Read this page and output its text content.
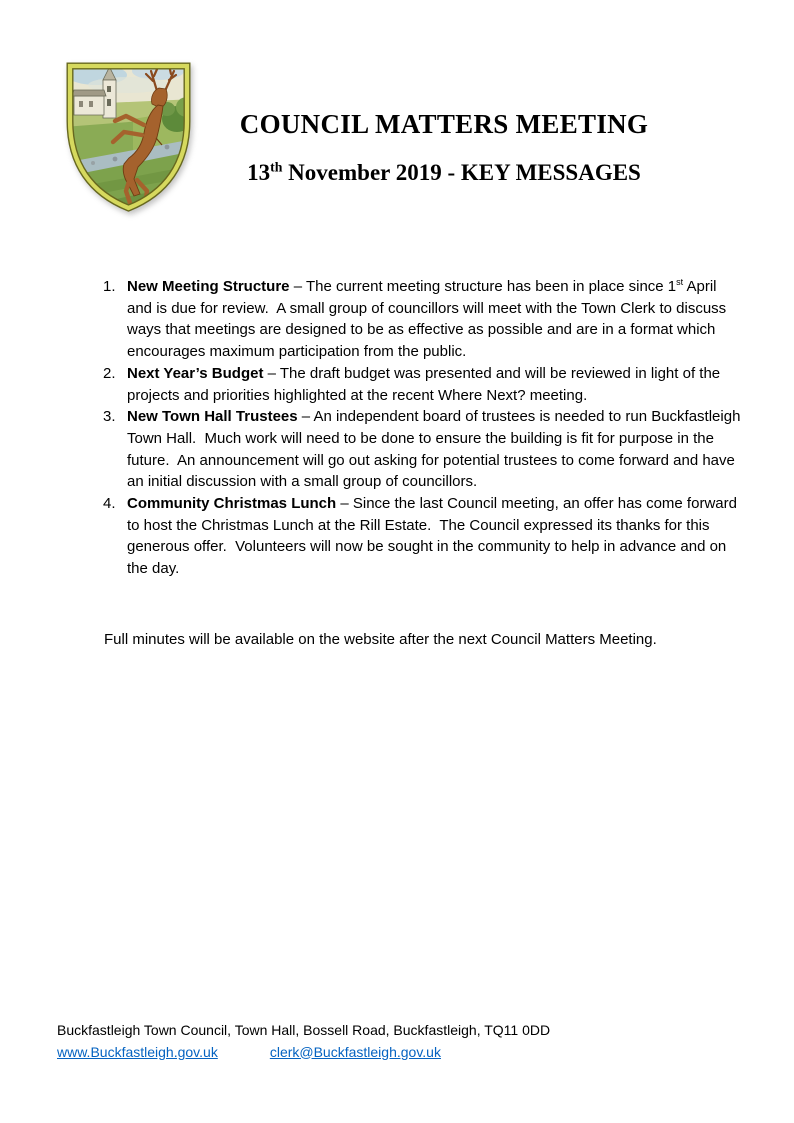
COUNCIL MATTERS MEETING
13th November 2019 - KEY MESSAGES
1. New Meeting Structure – The current meeting structure has been in place since 1st April and is due for review.  A small group of councillors will meet with the Town Clerk to discuss ways that meetings are designed to be as effective as possible and are in a format which encourages maximum participation from the public.
2. Next Year’s Budget – The draft budget was presented and will be reviewed in light of the projects and priorities highlighted at the recent Where Next? meeting.
3. New Town Hall Trustees – An independent board of trustees is needed to run Buckfastleigh Town Hall.  Much work will need to be done to ensure the building is fit for purpose in the future.  An announcement will go out asking for potential trustees to come forward and have an initial discussion with a small group of councillors.
4. Community Christmas Lunch – Since the last Council meeting, an offer has come forward to host the Christmas Lunch at the Rill Estate.  The Council expressed its thanks for this generous offer.  Volunteers will now be sought in the community to help in advance and on the day.

Full minutes will be available on the website after the next Council Matters Meeting.

Buckfastleigh Town Council, Town Hall, Bossell Road, Buckfastleigh, TQ11 0DD

www.Buckfastleigh.gov.uk	clerk@Buckfastleigh.gov.uk
